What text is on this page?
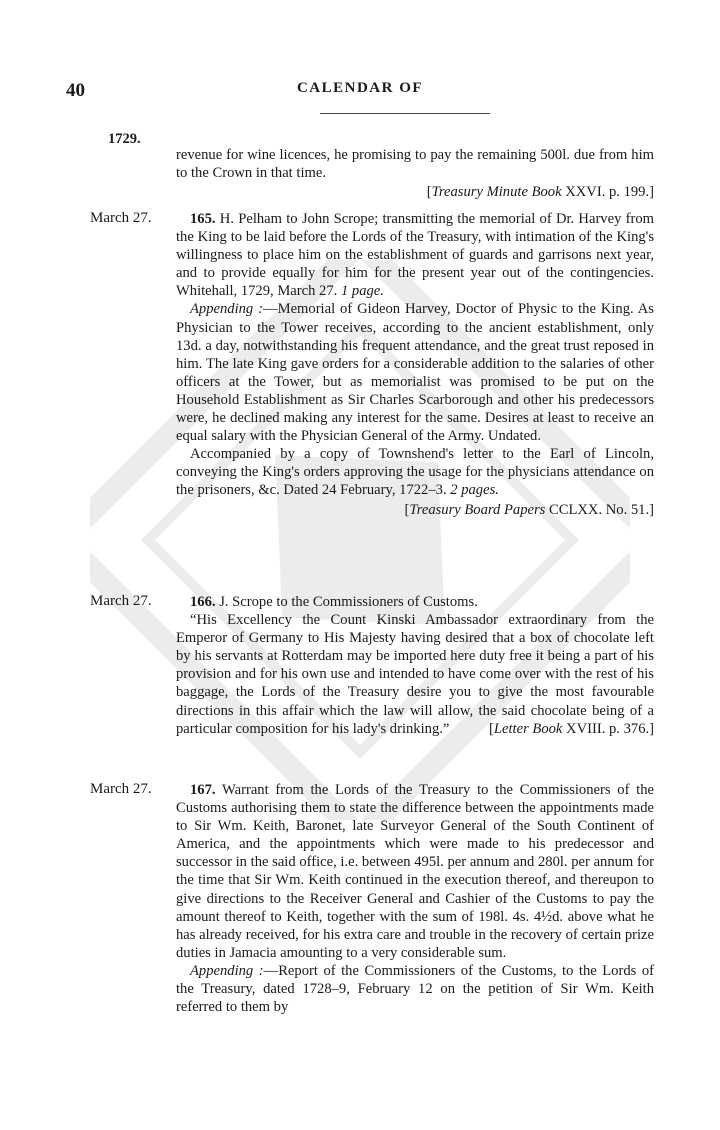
40	CALENDAR OF
1729.

revenue for wine licences, he promising to pay the remaining 500l. due from him to the Crown in that time.

[Treasury Minute Book XXVI. p. 199.]

March 27.	165. H. Pelham to John Scrope; transmitting the memorial of Dr. Harvey from the King to be laid before the Lords of the Treasury, with intimation of the King's willingness to place him on the establishment of guards and garrisons next year, and to provide equally for him for the present year out of the contingencies. Whitehall, 1729, March 27. 1 page.

Appending :—Memorial of Gideon Harvey, Doctor of Physic to the King. As Physician to the Tower receives, according to the ancient establishment, only 13d. a day, notwithstanding his frequent attendance, and the great trust reposed in him. The late King gave orders for a considerable addition to the salaries of other officers at the Tower, but as memorialist was promised to be put on the Household Establishment as Sir Charles Scarborough and other his predecessors were, he declined making any interest for the same. Desires at least to receive an equal salary with the Physician General of the Army. Undated.

Accompanied by a copy of Townshend's letter to the Earl of Lincoln, conveying the King's orders approving the usage for the physicians attendance on the prisoners, &c. Dated 24 February, 1722–3. 2 pages.

[Treasury Board Papers CCLXX. No. 51.]

March 27.	166. J. Scrope to the Commissioners of Customs.

“His Excellency the Count Kinski Ambassador extraordinary from the Emperor of Germany to His Majesty having desired that a box of chocolate left by his servants at Rotterdam may be imported here duty free it being a part of his provision and for his own use and intended to have come over with the rest of his baggage, the Lords of the Treasury desire you to give the most favourable directions in this affair which the law will allow, the said chocolate being of a particular composition for his lady's drinking.”	[Letter Book XVIII. p. 376.]

March 27.	167. Warrant from the Lords of the Treasury to the Commissioners of the Customs authorising them to state the difference between the appointments made to Sir Wm. Keith, Baronet, late Surveyor General of the South Continent of America, and the appointments which were made to his predecessor and successor in the said office, i.e. between 495l. per annum and 280l. per annum for the time that Sir Wm. Keith continued in the execution thereof, and thereupon to give directions to the Receiver General and Cashier of the Customs to pay the amount thereof to Keith, together with the sum of 198l. 4s. 4½d. above what he has already received, for his extra care and trouble in the recovery of certain prize duties in Jamacia amounting to a very considerable sum.

Appending :—Report of the Commissioners of the Customs, to the Lords of the Treasury, dated 1728–9, February 12 on the petition of Sir Wm. Keith referred to them by
